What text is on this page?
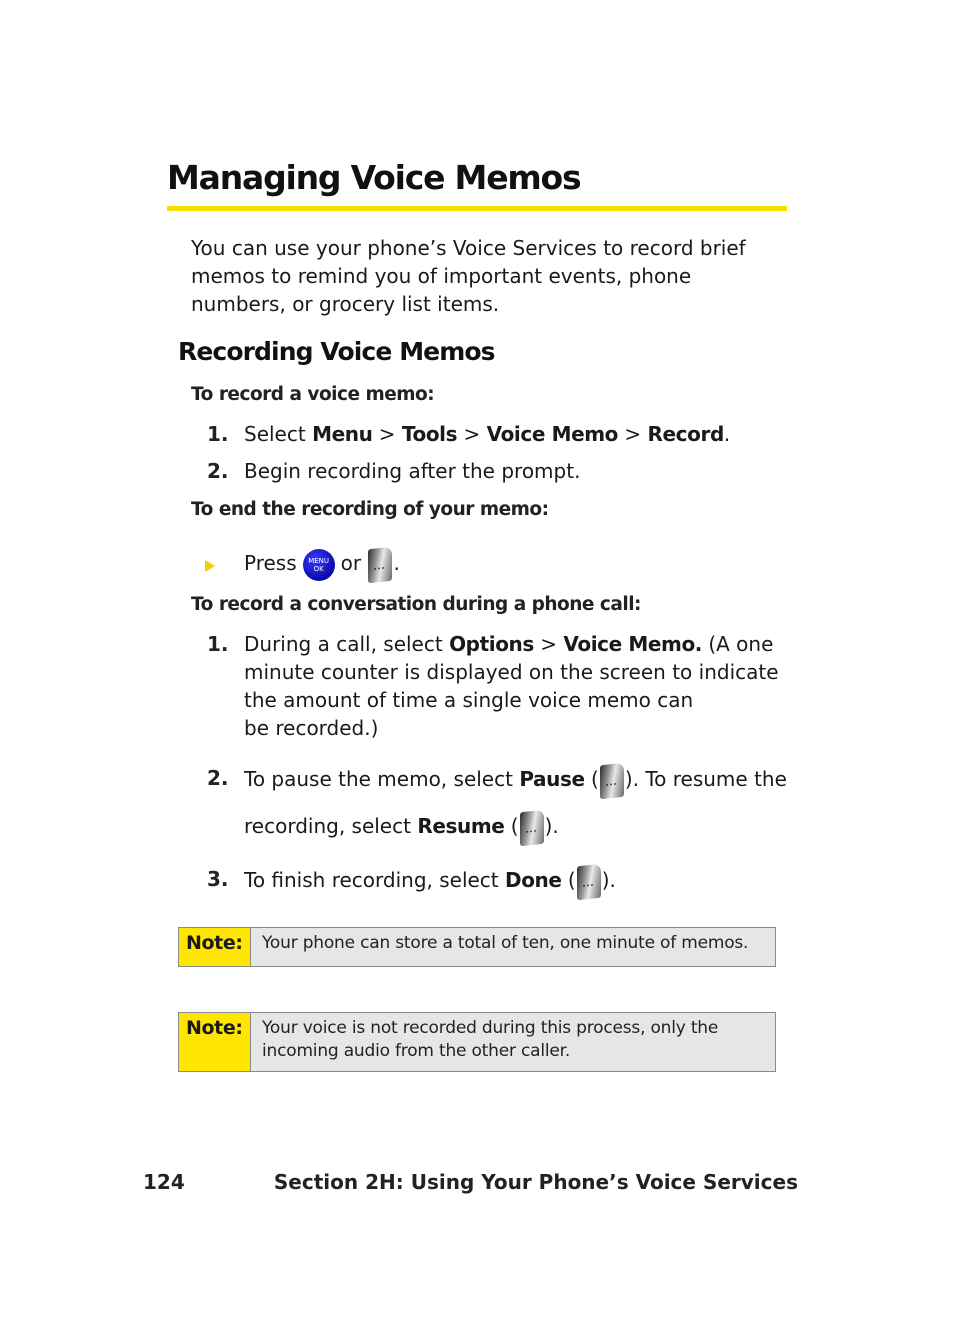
Managing Voice Memos
You can use your phone’s Voice Services to record brief memos to remind you of important events, phone numbers, or grocery list items.
Recording Voice Memos
To record a voice memo:
1. Select Menu > Tools > Voice Memo > Record.
2. Begin recording after the prompt.
To end the recording of your memo:
Press MENU
OK or ⋯ .
To record a conversation during a phone call:
1. During a call, select Options > Voice Memo. (A one
minute counter is displayed on the screen to indicate
the amount of time a single voice memo can
be recorded.)
2. To pause the memo, select Pause ( ⋯ ). To resume the
recording, select Resume ( ⋯ ).
3. To finish recording, select Done ( ⋯ ).
Note:	Your phone can store a total of ten, one minute of memos.
Note:	Your voice is not recorded during this process, only the incoming audio from the other caller.
124	Section 2H: Using Your Phone’s Voice Services
